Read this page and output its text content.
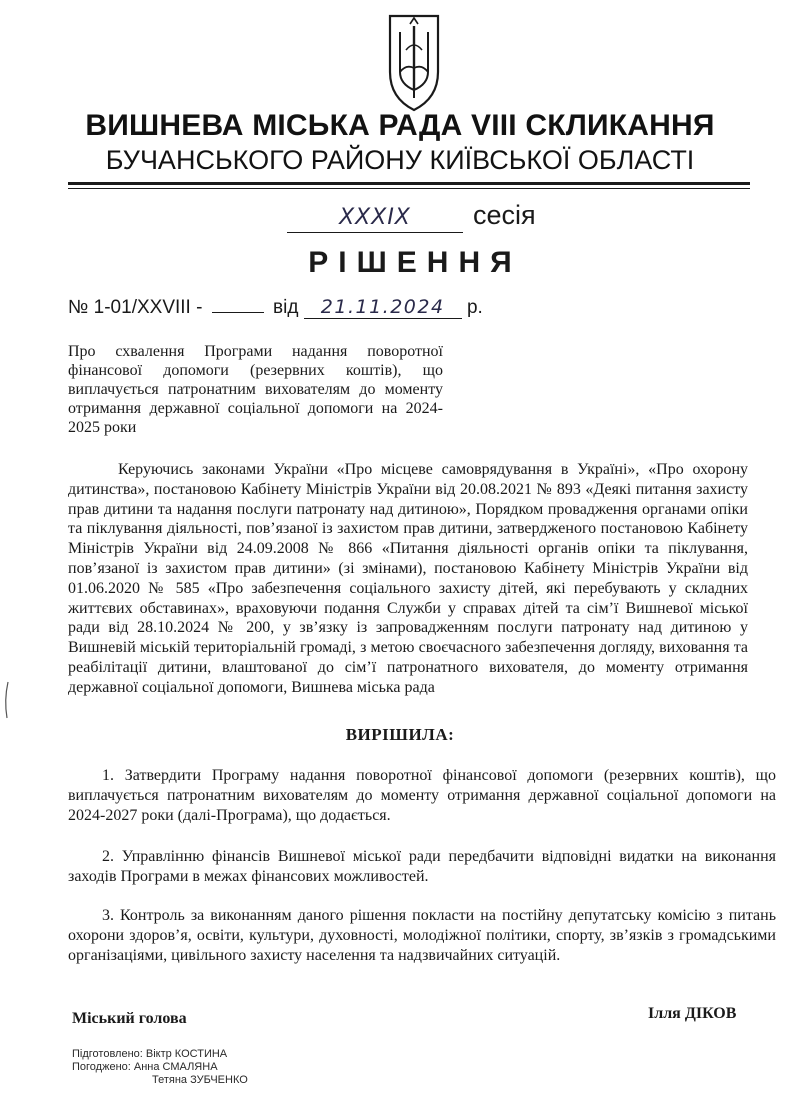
ВИШНЕВА МІСЬКА РАДА VIII СКЛИКАННЯ
БУЧАНСЬКОГО РАЙОНУ КИЇВСЬКОЇ ОБЛАСТІ
XXXIX сесія
РІШЕННЯ
№ 1-01/XXVIII -	від 21.11.2024 р.
Про схвалення Програми надання поворотної фінансової допомоги (резервних коштів), що виплачується патронатним вихователям до моменту отримання державної соціальної допомоги на 2024-2025 роки
Керуючись законами України «Про місцеве самоврядування в Україні», «Про охорону дитинства», постановою Кабінету Міністрів України від 20.08.2021 № 893 «Деякі питання захисту прав дитини та надання послуги патронату над дитиною», Порядком провадження органами опіки та піклування діяльності, пов’язаної із захистом прав дитини, затвердженого постановою Кабінету Міністрів України від 24.09.2008 № 866 «Питання діяльності органів опіки та піклування, пов’язаної із захистом прав дитини» (зі змінами), постановою Кабінету Міністрів України від 01.06.2020 № 585 «Про забезпечення соціального захисту дітей, які перебувають у складних життєвих обставинах», враховуючи подання Служби у справах дітей та сім’ї Вишневої міської ради від 28.10.2024 № 200, у зв’язку із запровадженням послуги патронату над дитиною у Вишневій міській територіальній громаді, з метою своєчасного забезпечення догляду, виховання та реабілітації дитини, влаштованої до сім’ї патронатного вихователя, до моменту отримання державної соціальної допомоги, Вишнева міська рада
ВИРІШИЛА:
1. Затвердити Програму надання поворотної фінансової допомоги (резервних коштів), що виплачується патронатним вихователям до моменту отримання державної соціальної допомоги на 2024-2027 роки (далі-Програма), що додається.
2. Управлінню фінансів Вишневої міської ради передбачити відповідні видатки на виконання заходів Програми в межах фінансових можливостей.
3. Контроль за виконанням даного рішення покласти на постійну депутатську комісію з питань охорони здоров’я, освіти, культури, духовності, молодіжної політики, спорту, зв’язків з громадськими організаціями, цивільного захисту населення та надзвичайних ситуацій.
Міський голова	Ілля ДІКОВ
Підготовлено: Віктр КОСТИНА
Погоджено: Анна СМАЛЯНА
Тетяна ЗУБЧЕНКО
